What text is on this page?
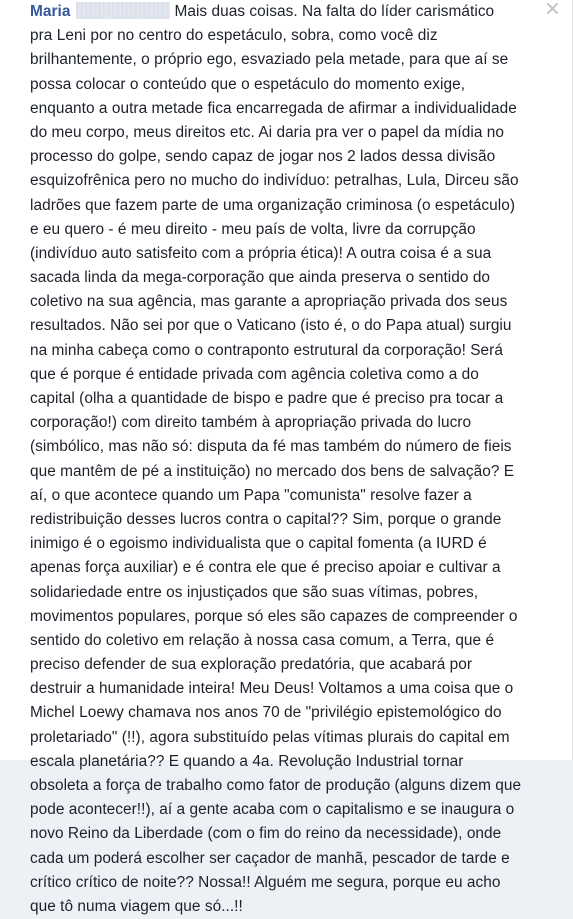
Maria	Mais duas coisas. Na falta do líder carismático
pra Leni por no centro do espetáculo, sobra, como você diz
brilhantemente, o próprio ego, esvaziado pela metade, para que aí se
possa colocar o conteúdo que o espetáculo do momento exige,
enquanto a outra metade fica encarregada de afirmar a individualidade
do meu corpo, meus direitos etc. Ai daria pra ver o papel da mídia no
processo do golpe, sendo capaz de jogar nos 2 lados dessa divisão
esquizofrênica pero no mucho do indivíduo: petralhas, Lula, Dirceu são
ladrões que fazem parte de uma organização criminosa (o espetáculo)
e eu quero - é meu direito - meu país de volta, livre da corrupção
(indivíduo auto satisfeito com a própria ética)! A outra coisa é a sua
sacada linda da mega-corporação que ainda preserva o sentido do
coletivo na sua agência, mas garante a apropriação privada dos seus
resultados. Não sei por que o Vaticano (isto é, o do Papa atual) surgiu
na minha cabeça como o contraponto estrutural da corporação! Será
que é porque é entidade privada com agência coletiva como a do
capital (olha a quantidade de bispo e padre que é preciso pra tocar a
corporação!) com direito também à apropriação privada do lucro
(simbólico, mas não só: disputa da fé mas também do número de fieis
que mantêm de pé a instituição) no mercado dos bens de salvação? E
aí, o que acontece quando um Papa "comunista" resolve fazer a
redistribuição desses lucros contra o capital?? Sim, porque o grande
inimigo é o egoismo individualista que o capital fomenta (a IURD é
apenas força auxiliar) e é contra ele que é preciso apoiar e cultivar a
solidariedade entre os injustiçados que são suas vítimas, pobres,
movimentos populares, porque só eles são capazes de compreender o
sentido do coletivo em relação à nossa casa comum, a Terra, que é
preciso defender de sua exploração predatória, que acabará por
destruir a humanidade inteira! Meu Deus! Voltamos a uma coisa que o
Michel Loewy chamava nos anos 70 de "privilégio epistemológico do
proletariado" (!!), agora substituído pelas vítimas plurais do capital em
escala planetária?? E quando a 4a. Revolução Industrial tornar
obsoleta a força de trabalho como fator de produção (alguns dizem que
pode acontecer!!), aí a gente acaba com o capitalismo e se inaugura o
novo Reino da Liberdade (com o fim do reino da necessidade), onde
cada um poderá escolher ser caçador de manhã, pescador de tarde e
crítico crítico de noite?? Nossa!! Alguém me segura, porque eu acho
que tô numa viagem que só...!!
